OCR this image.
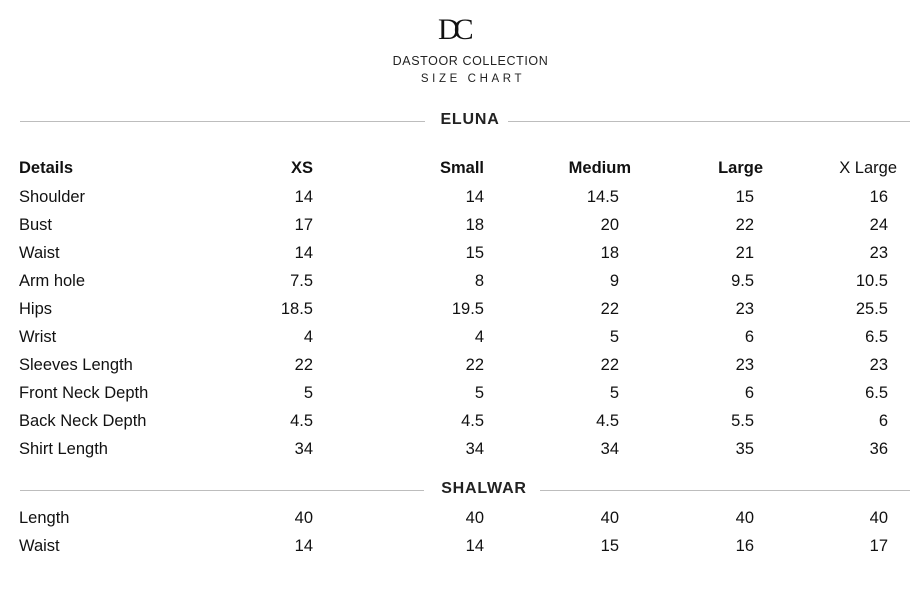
DC
DASTOOR COLLECTION
SIZE CHART
ELUNA
Details	XS	Small	Medium	Large	X Large
Shoulder	14	14	14.5	15	16
Bust	17	18	20	22	24
Waist	14	15	18	21	23
Arm hole	7.5	8	9	9.5	10.5
Hips	18.5	19.5	22	23	25.5
Wrist	4	4	5	6	6.5
Sleeves Length	22	22	22	23	23
Front Neck Depth	5	5	5	6	6.5
Back Neck Depth	4.5	4.5	4.5	5.5	6
Shirt Length	34	34	34	35	36
SHALWAR
Length	40	40	40	40	40
Waist	14	14	15	16	17
